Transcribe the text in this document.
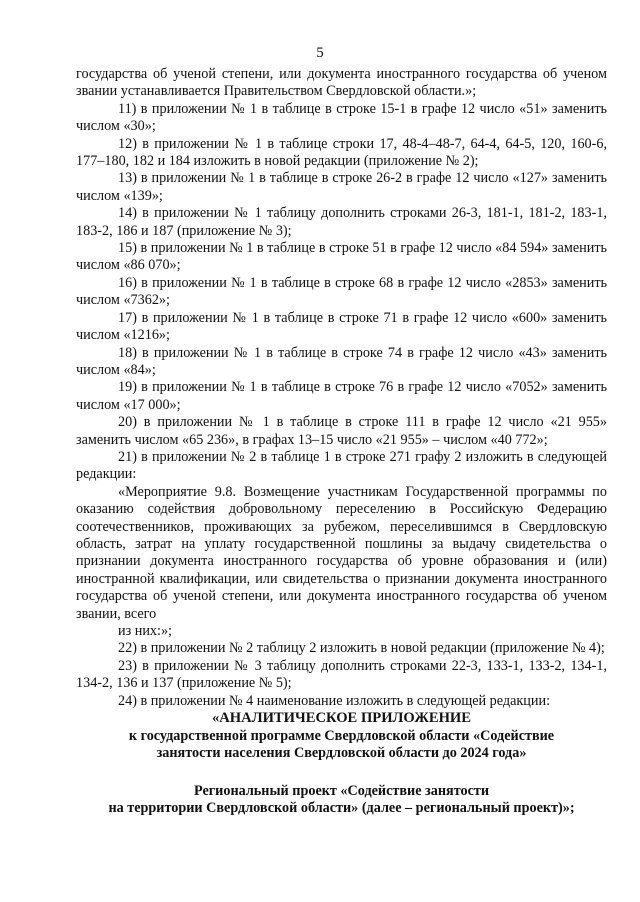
5

государства об ученой степени, или документа иностранного государства об ученом звании устанавливается Правительством Свердловской области.»;

11) в приложении № 1 в таблице в строке 15-1 в графе 12 число «51» заменить числом «30»;

12) в приложении № 1 в таблице строки 17, 48-4–48-7, 64-4, 64-5, 120, 160-6, 177–180, 182 и 184 изложить в новой редакции (приложение № 2);

13) в приложении № 1 в таблице в строке 26-2 в графе 12 число «127» заменить числом «139»;

14) в приложении № 1 таблицу дополнить строками 26-3, 181-1, 181-2, 183-1, 183-2, 186 и 187 (приложение № 3);

15) в приложении № 1 в таблице в строке 51 в графе 12 число «84 594» заменить числом «86 070»;

16) в приложении № 1 в таблице в строке 68 в графе 12 число «2853» заменить числом «7362»;

17) в приложении № 1 в таблице в строке 71 в графе 12 число «600» заменить числом «1216»;

18) в приложении № 1 в таблице в строке 74 в графе 12 число «43» заменить числом «84»;

19) в приложении № 1 в таблице в строке 76 в графе 12 число «7052» заменить числом «17 000»;

20) в приложении № 1 в таблице в строке 111 в графе 12 число «21 955» заменить числом «65 236», в графах 13–15 число «21 955» – числом «40 772»;

21) в приложении № 2 в таблице 1 в строке 271 графу 2 изложить в следующей редакции:

«Мероприятие 9.8. Возмещение участникам Государственной программы по оказанию содействия добровольному переселению в Российскую Федерацию соотечественников, проживающих за рубежом, переселившимся в Свердловскую область, затрат на уплату государственной пошлины за выдачу свидетельства о признании документа иностранного государства об уровне образования и (или) иностранной квалификации, или свидетельства о признании документа иностранного государства об ученой степени, или документа иностранного государства об ученом звании, всего

из них:»;

22) в приложении № 2 таблицу 2 изложить в новой редакции (приложение № 4);

23) в приложении № 3 таблицу дополнить строками 22-3, 133-1, 133-2, 134-1, 134-2, 136 и 137 (приложение № 5);

24) в приложении № 4 наименование изложить в следующей редакции:

«АНАЛИТИЧЕСКОЕ ПРИЛОЖЕНИЕ
к государственной программе Свердловской области «Содействие
занятости населения Свердловской области до 2024 года»
Региональный проект «Содействие занятости
на территории Свердловской области» (далее – региональный проект)»;
